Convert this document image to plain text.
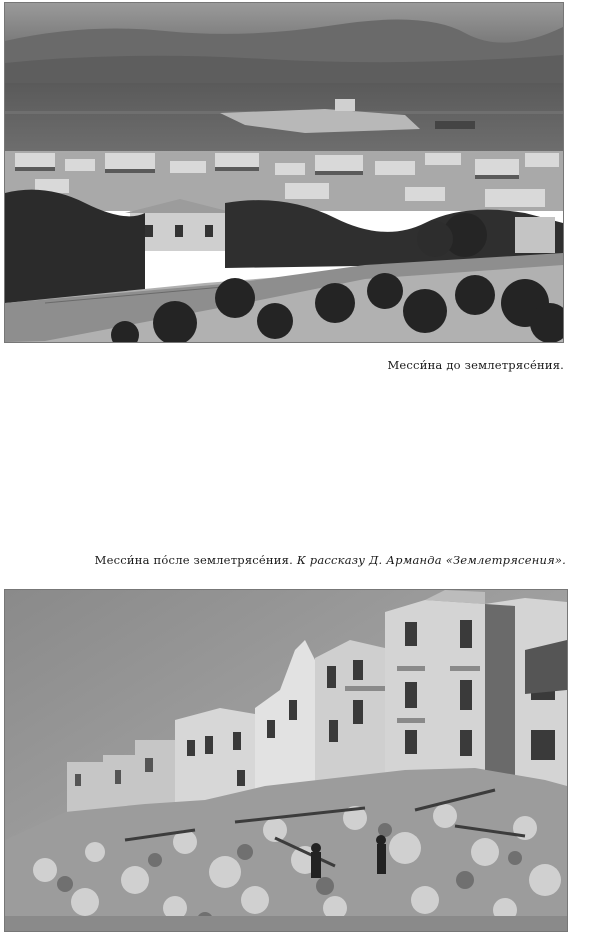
Месси́на до землетрясе́ния.
Месси́на по́сле землетрясе́ния. К рассказу Д. Арманда «Землетрясения».
